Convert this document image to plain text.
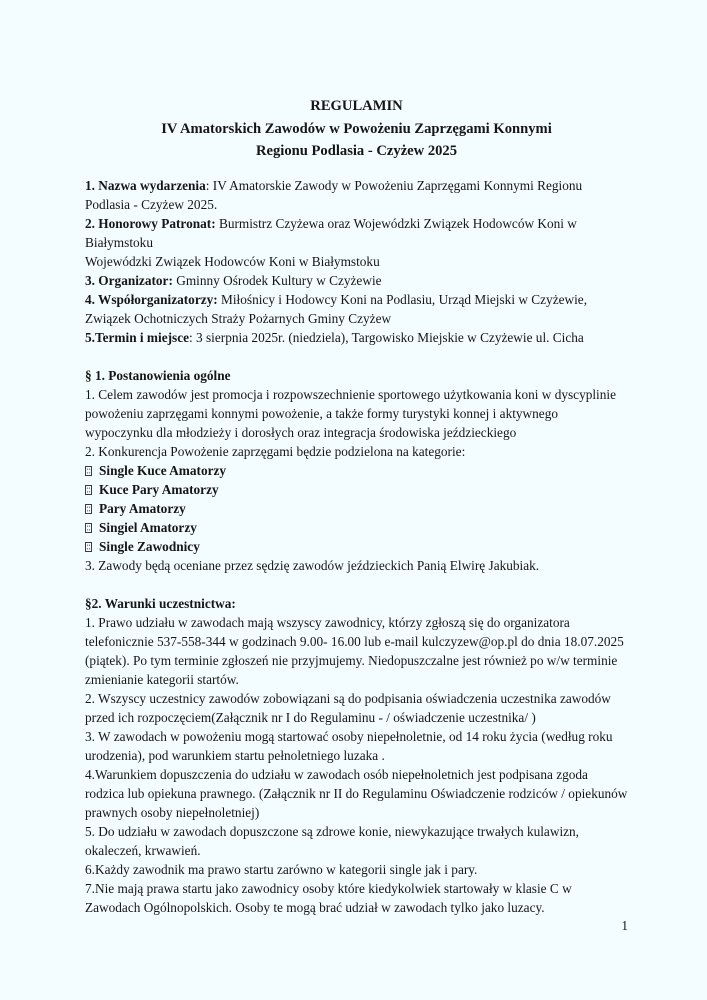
REGULAMIN
IV Amatorskich Zawodów w Powożeniu Zaprzęgami Konnymi
Regionu Podlasia - Czyżew 2025

1. Nazwa wydarzenia: IV Amatorskie Zawody w Powożeniu Zaprzęgami Konnymi Regionu Podlasia - Czyżew 2025.

2. Honorowy Patronat: Burmistrz Czyżewa oraz Wojewódzki Związek Hodowców Koni w Białymstoku

Wojewódzki Związek Hodowców Koni w Białymstoku

3. Organizator: Gminny Ośrodek Kultury w Czyżewie

4. Współorganizatorzy: Miłośnicy i Hodowcy Koni na Podlasiu, Urząd Miejski w Czyżewie, Związek Ochotniczych Straży Pożarnych Gminy Czyżew

5.Termin i miejsce: 3 sierpnia 2025r. (niedziela), Targowisko Miejskie w Czyżewie ul. Cicha

§ 1. Postanowienia ogólne

1. Celem zawodów jest promocja i rozpowszechnienie sportowego użytkowania koni w dyscyplinie powożeniu zaprzęgami konnymi powożenie, a także formy turystyki konnej i aktywnego wypoczynku dla młodzieży i dorosłych oraz integracja środowiska jeździeckiego

2. Konkurencja Powożenie zaprzęgami będzie podzielona na kategorie:

Single Kuce Amatorzy

Kuce Pary Amatorzy

Pary Amatorzy

Singiel Amatorzy

Single Zawodnicy

3. Zawody będą oceniane przez sędzię zawodów jeździeckich Panią Elwirę Jakubiak.

§2. Warunki uczestnictwa:

1. Prawo udziału w zawodach mają wszyscy zawodnicy, którzy zgłoszą się do organizatora telefonicznie 537-558-344 w godzinach 9.00- 16.00 lub e-mail kulczyzew@op.pl do dnia 18.07.2025 (piątek). Po tym terminie zgłoszeń nie przyjmujemy. Niedopuszczalne jest również po w/w terminie zmienianie kategorii startów.

2. Wszyscy uczestnicy zawodów zobowiązani są do podpisania oświadczenia uczestnika zawodów przed ich rozpoczęciem(Załącznik nr I do Regulaminu - / oświadczenie uczestnika/ )

3. W zawodach w powożeniu mogą startować osoby niepełnoletnie, od 14 roku życia (według roku urodzenia), pod warunkiem startu pełnoletniego luzaka .

4.Warunkiem dopuszczenia do udziału w zawodach osób niepełnoletnich jest podpisana zgoda rodzica lub opiekuna prawnego. (Załącznik nr II do Regulaminu Oświadczenie rodziców / opiekunów prawnych osoby niepełnoletniej)

5. Do udziału w zawodach dopuszczone są zdrowe konie, niewykazujące trwałych kulawizn, okaleczeń, krwawień.

6.Każdy zawodnik ma prawo startu zarówno w kategorii single jak i pary.

7.Nie mają prawa startu jako zawodnicy osoby które kiedykolwiek startowały w klasie C w Zawodach Ogólnopolskich. Osoby te mogą brać udział w zawodach tylko jako luzacy.

1
